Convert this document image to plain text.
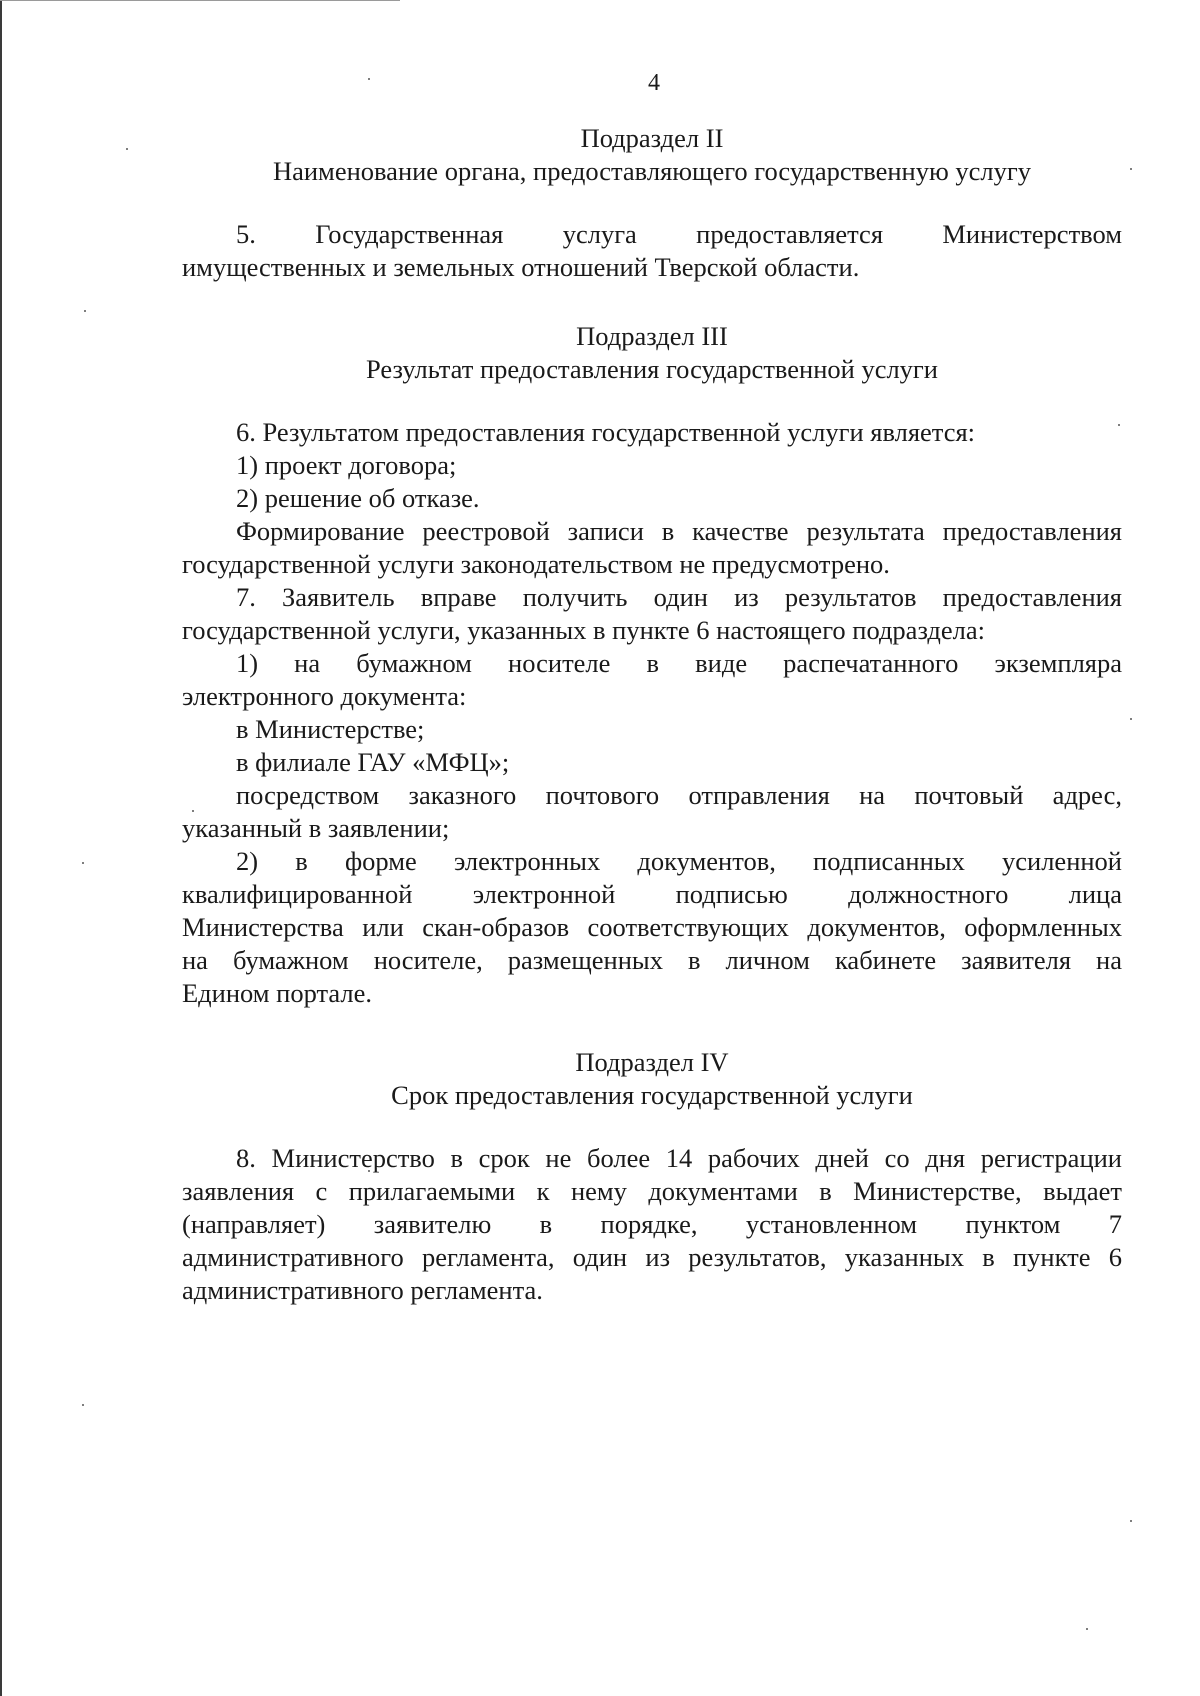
4

Подраздел II

Наименование органа, предоставляющего государственную услугу

5. Государственная услуга предоставляется Министерством

имущественных и земельных отношений Тверской области.

Подраздел III

Результат предоставления государственной услуги

6. Результатом предоставления государственной услуги является:

1) проект договора;

2) решение об отказе.

Формирование реестровой записи в качестве результата предоставления

государственной услуги законодательством не предусмотрено.

7. Заявитель вправе получить один из результатов предоставления

государственной услуги, указанных в пункте 6 настоящего подраздела:

1) на бумажном носителе в виде распечатанного экземпляра

электронного документа:

в Министерстве;

в филиале ГАУ «МФЦ»;

посредством заказного почтового отправления на почтовый адрес,

указанный в заявлении;

2) в форме электронных документов, подписанных усиленной

квалифицированной электронной подписью должностного лица

Министерства или скан-образов соответствующих документов, оформленных

на бумажном носителе, размещенных в личном кабинете заявителя на

Едином портале.

Подраздел IV

Срок предоставления государственной услуги

8. Министерство в срок не более 14 рабочих дней со дня регистрации

заявления с прилагаемыми к нему документами в Министерстве, выдает

(направляет) заявителю в порядке, установленном пунктом 7

административного регламента, один из результатов, указанных в пункте 6

административного регламента.
